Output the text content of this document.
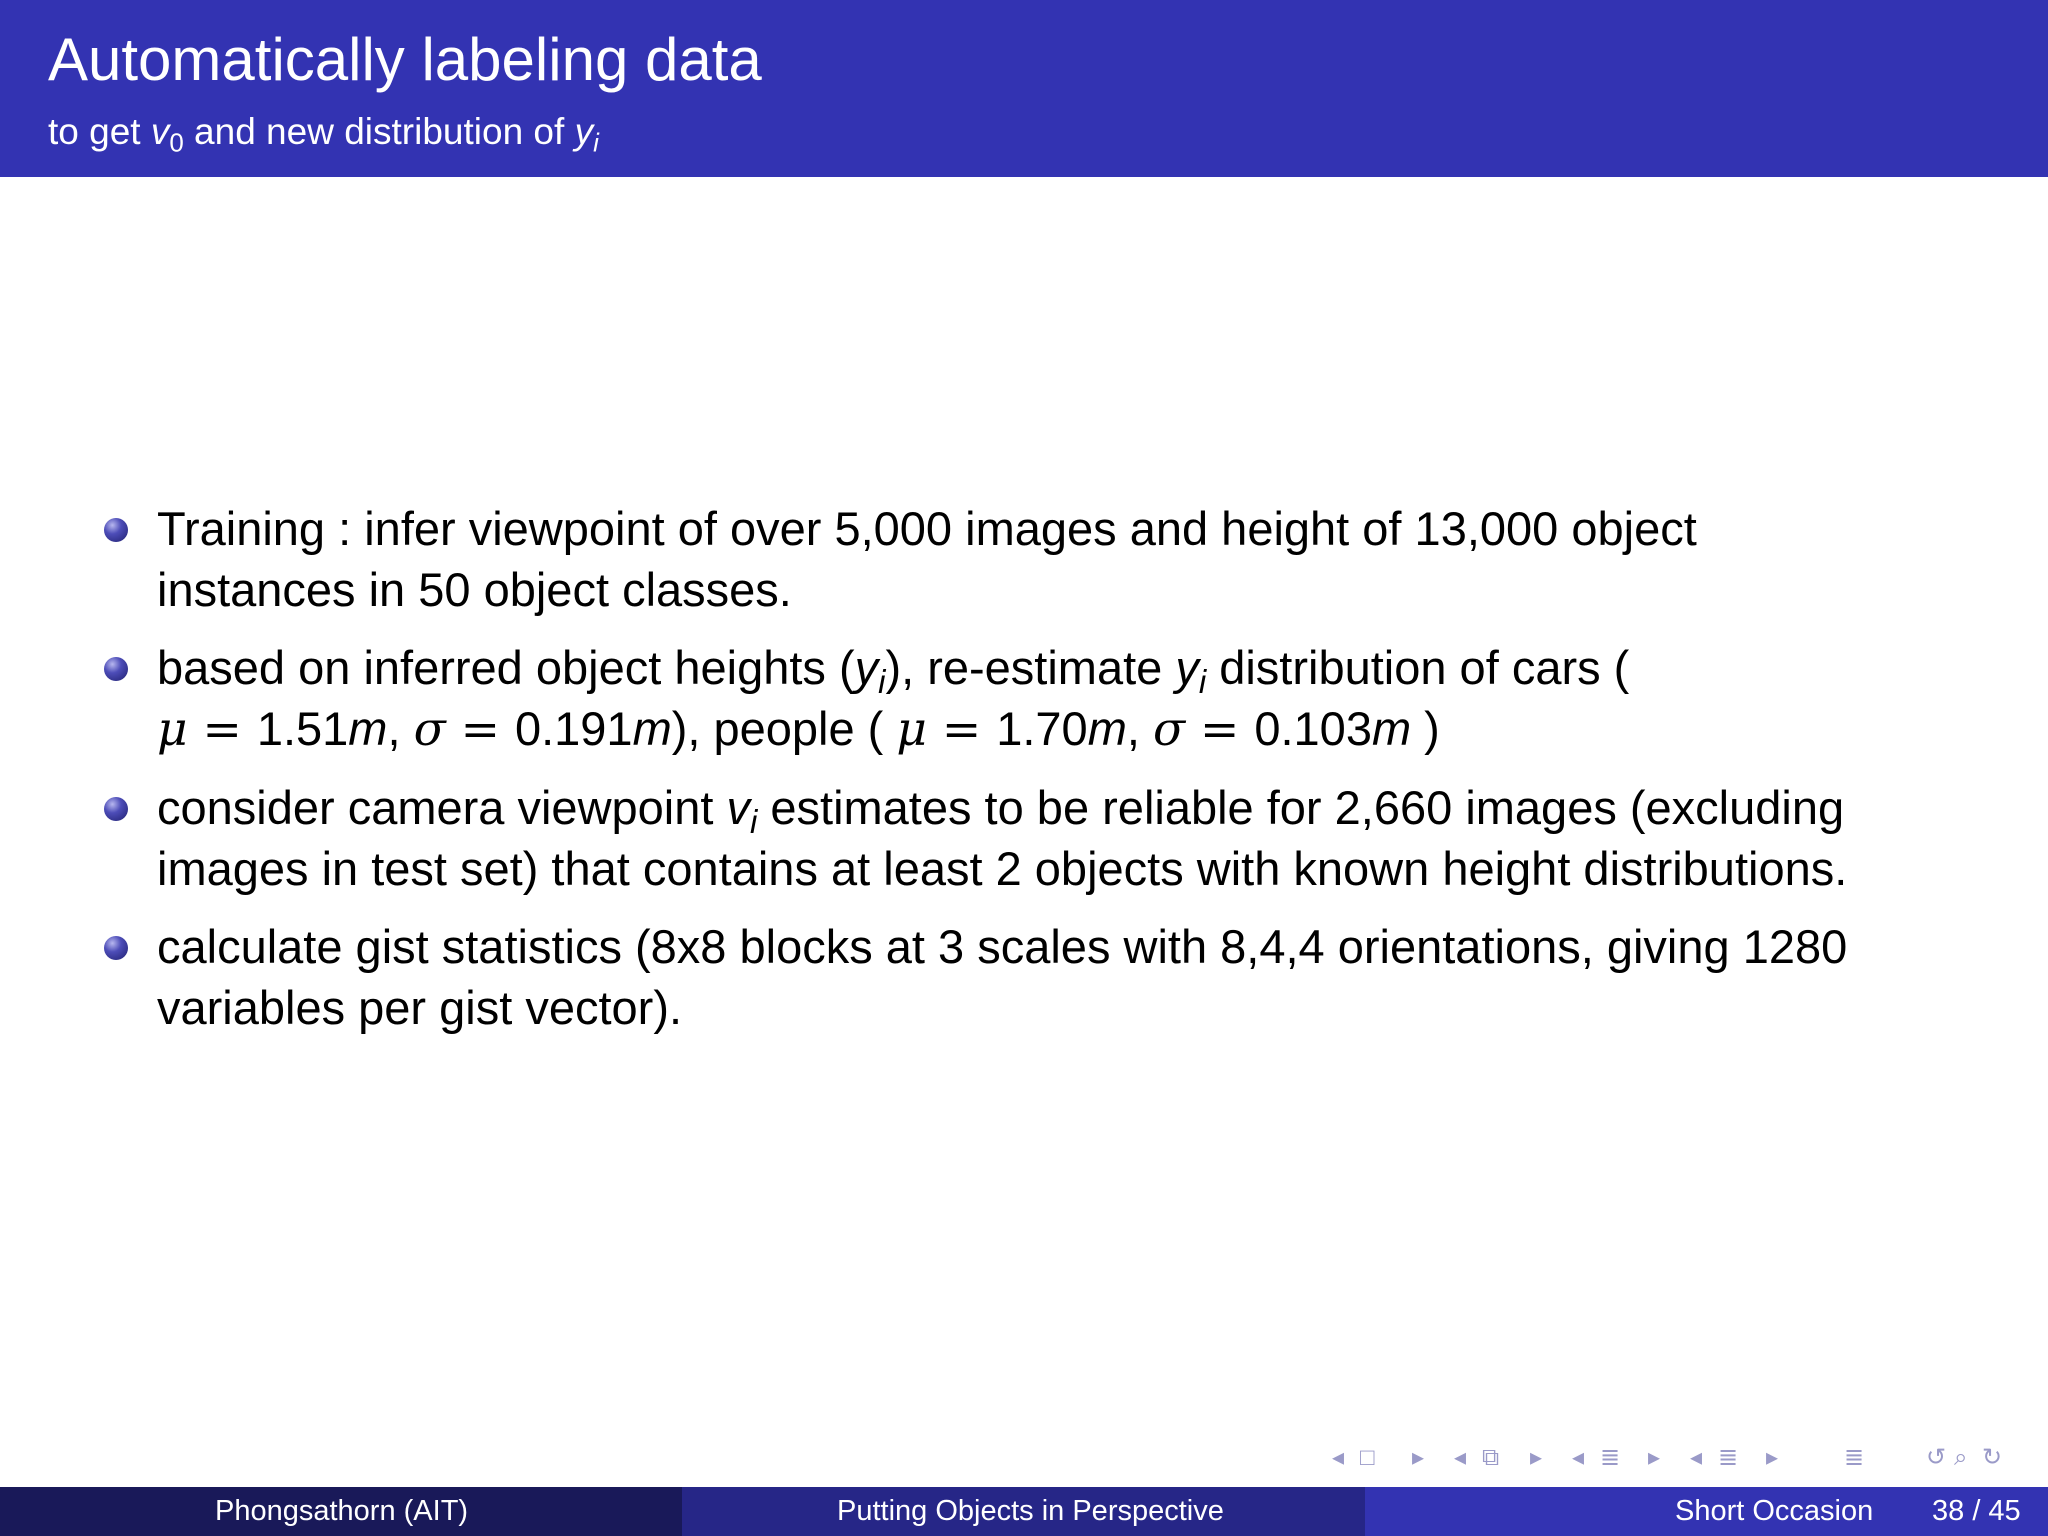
Automatically labeling data
to get $v_0$ and new distribution of $y_i$
Training : infer viewpoint of over 5,000 images and height of 13,000 object
instances in 50 object classes.
based on inferred object heights $(y_i)$, re-estimate $y_i$ distribution of cars (
μ = 1.51m, σ = 0.191m), people ( μ = 1.70m, σ = 0.103m )
consider camera viewpoint $v_i$ estimates to be reliable for 2,660 images (excluding
images in test set) that contains at least 2 objects with known height distributions.
calculate gist statistics (8x8 blocks at 3 scales with 8,4,4 orientations, giving 1280
variables per gist vector).
◂ □ ▸ ◂ ⧉ ▸ ◂ ≣ ▸ ◂ ≣ ▸	≣	↺ ⌕ ↻
Phongsathorn (AIT)	Putting Objects in Perspective	Short Occasion 38 / 45
